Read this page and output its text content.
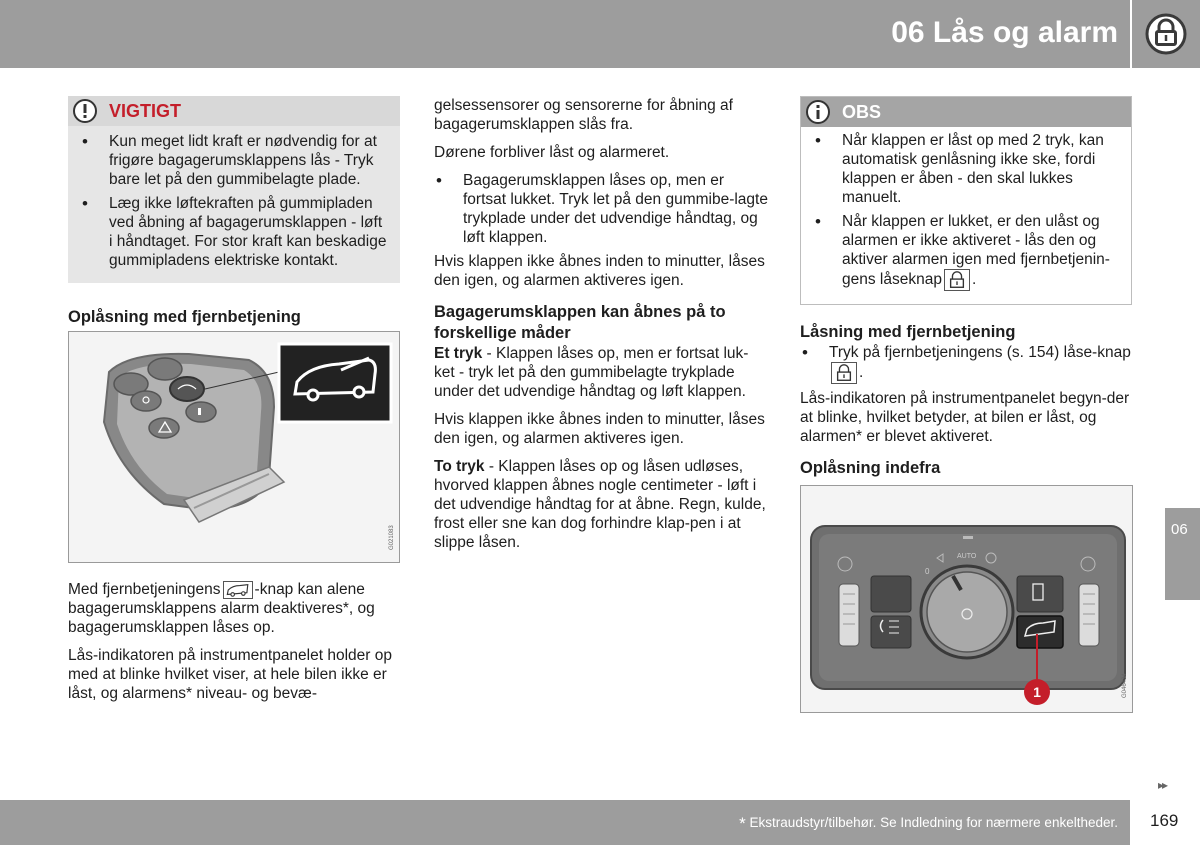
06 Lås og alarm
VIGTIGT
• Kun meget lidt kraft er nødvendig for at frigøre bagagerumsklappens lås - Tryk bare let på den gummibelagte plade.
• Læg ikke løftekraften på gummipladen ved åbning af bagagerumsklappen - løft i håndtaget. For stor kraft kan beskadige gummipladens elektriske kontakt.
Oplåsning med fjernbetjening
G021083

Med fjernbetjeningens -knap kan alene bagagerumsklappens alarm deaktiveres*, og bagagerumsklappen låses op.

Lås-indikatoren på instrumentpanelet holder op med at blinke hvilket viser, at hele bilen ikke er låst, og alarmens* niveau- og bevæ-

gelsessensorer og sensorerne for åbning af bagagerumsklappen slås fra.

Dørene forbliver låst og alarmeret.

• Bagagerumsklappen låses op, men er fortsat lukket. Tryk let på den gummibe-lagte trykplade under det udvendige håndtag, og løft klappen.

Hvis klappen ikke åbnes inden to minutter, låses den igen, og alarmen aktiveres igen.

Bagagerumsklappen kan åbnes på to forskellige måder

Et tryk - Klappen låses op, men er fortsat luk-ket - tryk let på den gummibelagte trykplade under det udvendige håndtag og løft klappen.

Hvis klappen ikke åbnes inden to minutter, låses den igen, og alarmen aktiveres igen.

To tryk - Klappen låses op og låsen udløses, hvorved klappen åbnes nogle centimeter - løft i det udvendige håndtag for at åbne. Regn, kulde, frost eller sne kan dog forhindre klap-pen i at slippe låsen.

OBS
• Når klappen er låst op med 2 tryk, kan automatisk genlåsning ikke ske, fordi klappen er åben - den skal lukkes manuelt.
• Når klappen er lukket, er den ulåst og alarmen er ikke aktiveret - lås den og aktiver alarmen igen med fjernbetjenin-gens låseknap .
Låsning med fjernbetjening
• Tryk på fjernbetjeningens (s. 154) låse-knap.

Lås-indikatoren på instrumentpanelet begyn-der at blinke, hvilket betyder, at bilen er låst, og alarmen* er blevet aktiveret.

Oplåsning indefra
1
AUTO
0
G046434
06
▸▸
* Ekstraudstyr/tilbehør. Se Indledning for nærmere enkeltheder. 169
